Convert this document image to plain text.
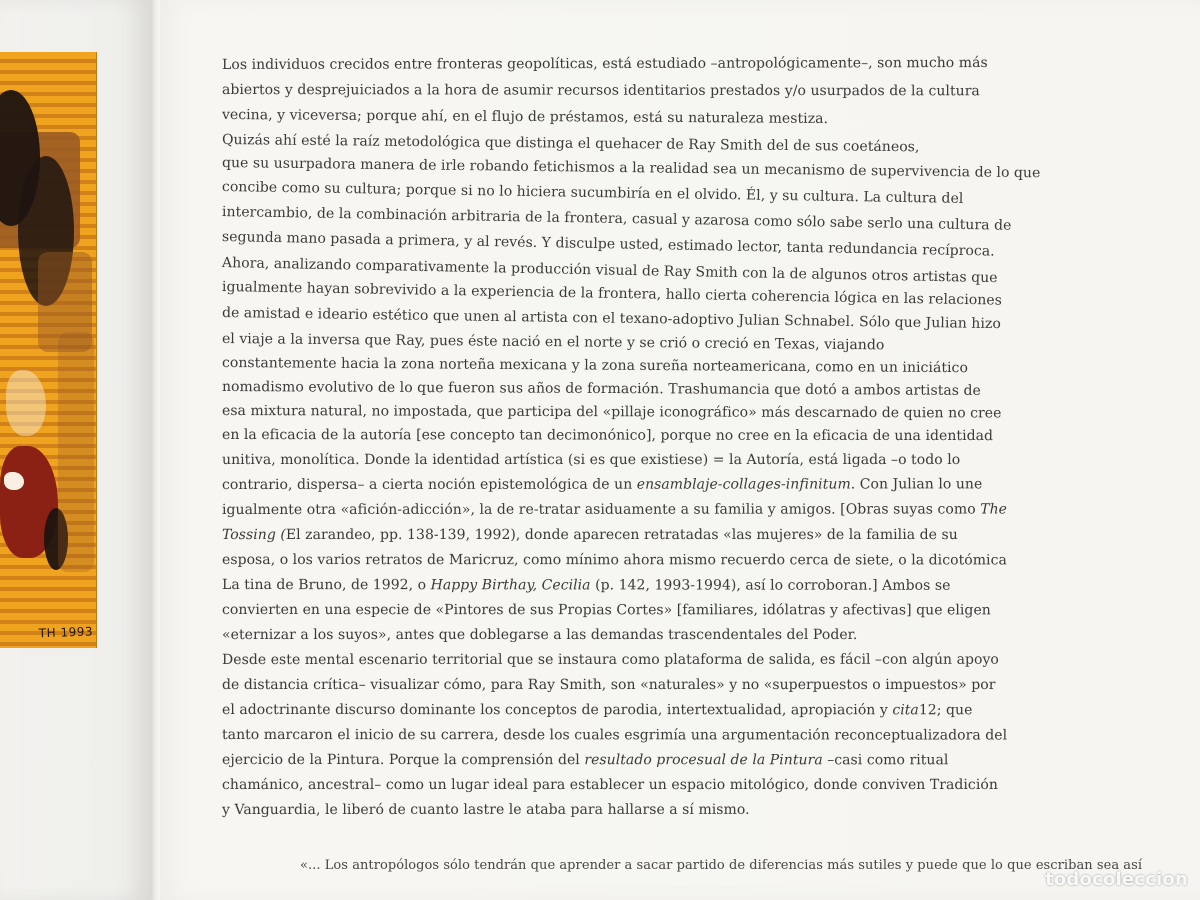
TH 1993
Los individuos crecidos entre fronteras geopolíticas, está estudiado –antropológicamente–, son mucho más
abiertos y desprejuiciados a la hora de asumir recursos identitarios prestados y/o usurpados de la cultura
vecina, y viceversa; porque ahí, en el flujo de préstamos, está su naturaleza mestiza.
Quizás ahí esté la raíz metodológica que distinga el quehacer de Ray Smith del de sus coetáneos,
que su usurpadora manera de irle robando fetichismos a la realidad sea un mecanismo de supervivencia de lo que
concibe como su cultura; porque si no lo hiciera sucumbiría en el olvido. Él, y su cultura. La cultura del
intercambio, de la combinación arbitraria de la frontera, casual y azarosa como sólo sabe serlo una cultura de
segunda mano pasada a primera, y al revés. Y disculpe usted, estimado lector, tanta redundancia recíproca.
Ahora, analizando comparativamente la producción visual de Ray Smith con la de algunos otros artistas que
igualmente hayan sobrevivido a la experiencia de la frontera, hallo cierta coherencia lógica en las relaciones
de amistad e ideario estético que unen al artista con el texano-adoptivo Julian Schnabel. Sólo que Julian hizo
el viaje a la inversa que Ray, pues éste nació en el norte y se crió o creció en Texas, viajando
constantemente hacia la zona norteña mexicana y la zona sureña norteamericana, como en un iniciático
nomadismo evolutivo de lo que fueron sus años de formación. Trashumancia que dotó a ambos artistas de
esa mixtura natural, no impostada, que participa del «pillaje iconográfico» más descarnado de quien no cree
en la eficacia de la autoría [ese concepto tan decimonónico], porque no cree en la eficacia de una identidad
unitiva, monolítica. Donde la identidad artística (si es que existiese) = la Autoría, está ligada –o todo lo
contrario, dispersa– a cierta noción epistemológica de un ensamblaje-collages-infinitum. Con Julian lo une
igualmente otra «afición-adicción», la de re-tratar asiduamente a su familia y amigos. [Obras suyas como The
Tossing (El zarandeo, pp. 138-139, 1992), donde aparecen retratadas «las mujeres» de la familia de su
esposa, o los varios retratos de Maricruz, como mínimo ahora mismo recuerdo cerca de siete, o la dicotómica
La tina de Bruno, de 1992, o Happy Birthay, Cecilia (p. 142, 1993-1994), así lo corroboran.] Ambos se
convierten en una especie de «Pintores de sus Propias Cortes» [familiares, idólatras y afectivas] que eligen
«eternizar a los suyos», antes que doblegarse a las demandas trascendentales del Poder.
Desde este mental escenario territorial que se instaura como plataforma de salida, es fácil –con algún apoyo
de distancia crítica– visualizar cómo, para Ray Smith, son «naturales» y no «superpuestos o impuestos» por
el adoctrinante discurso dominante los conceptos de parodia, intertextualidad, apropiación y cita12; que
tanto marcaron el inicio de su carrera, desde los cuales esgrimía una argumentación reconceptualizadora del
ejercicio de la Pintura. Porque la comprensión del resultado procesual de la Pintura –casi como ritual
chamánico, ancestral– como un lugar ideal para establecer un espacio mitológico, donde conviven Tradición
y Vanguardia, le liberó de cuanto lastre le ataba para hallarse a sí mismo.
«... Los antropólogos sólo tendrán que aprender a sacar partido de diferencias más sutiles y puede que lo que escriban sea así
todocoleccion
